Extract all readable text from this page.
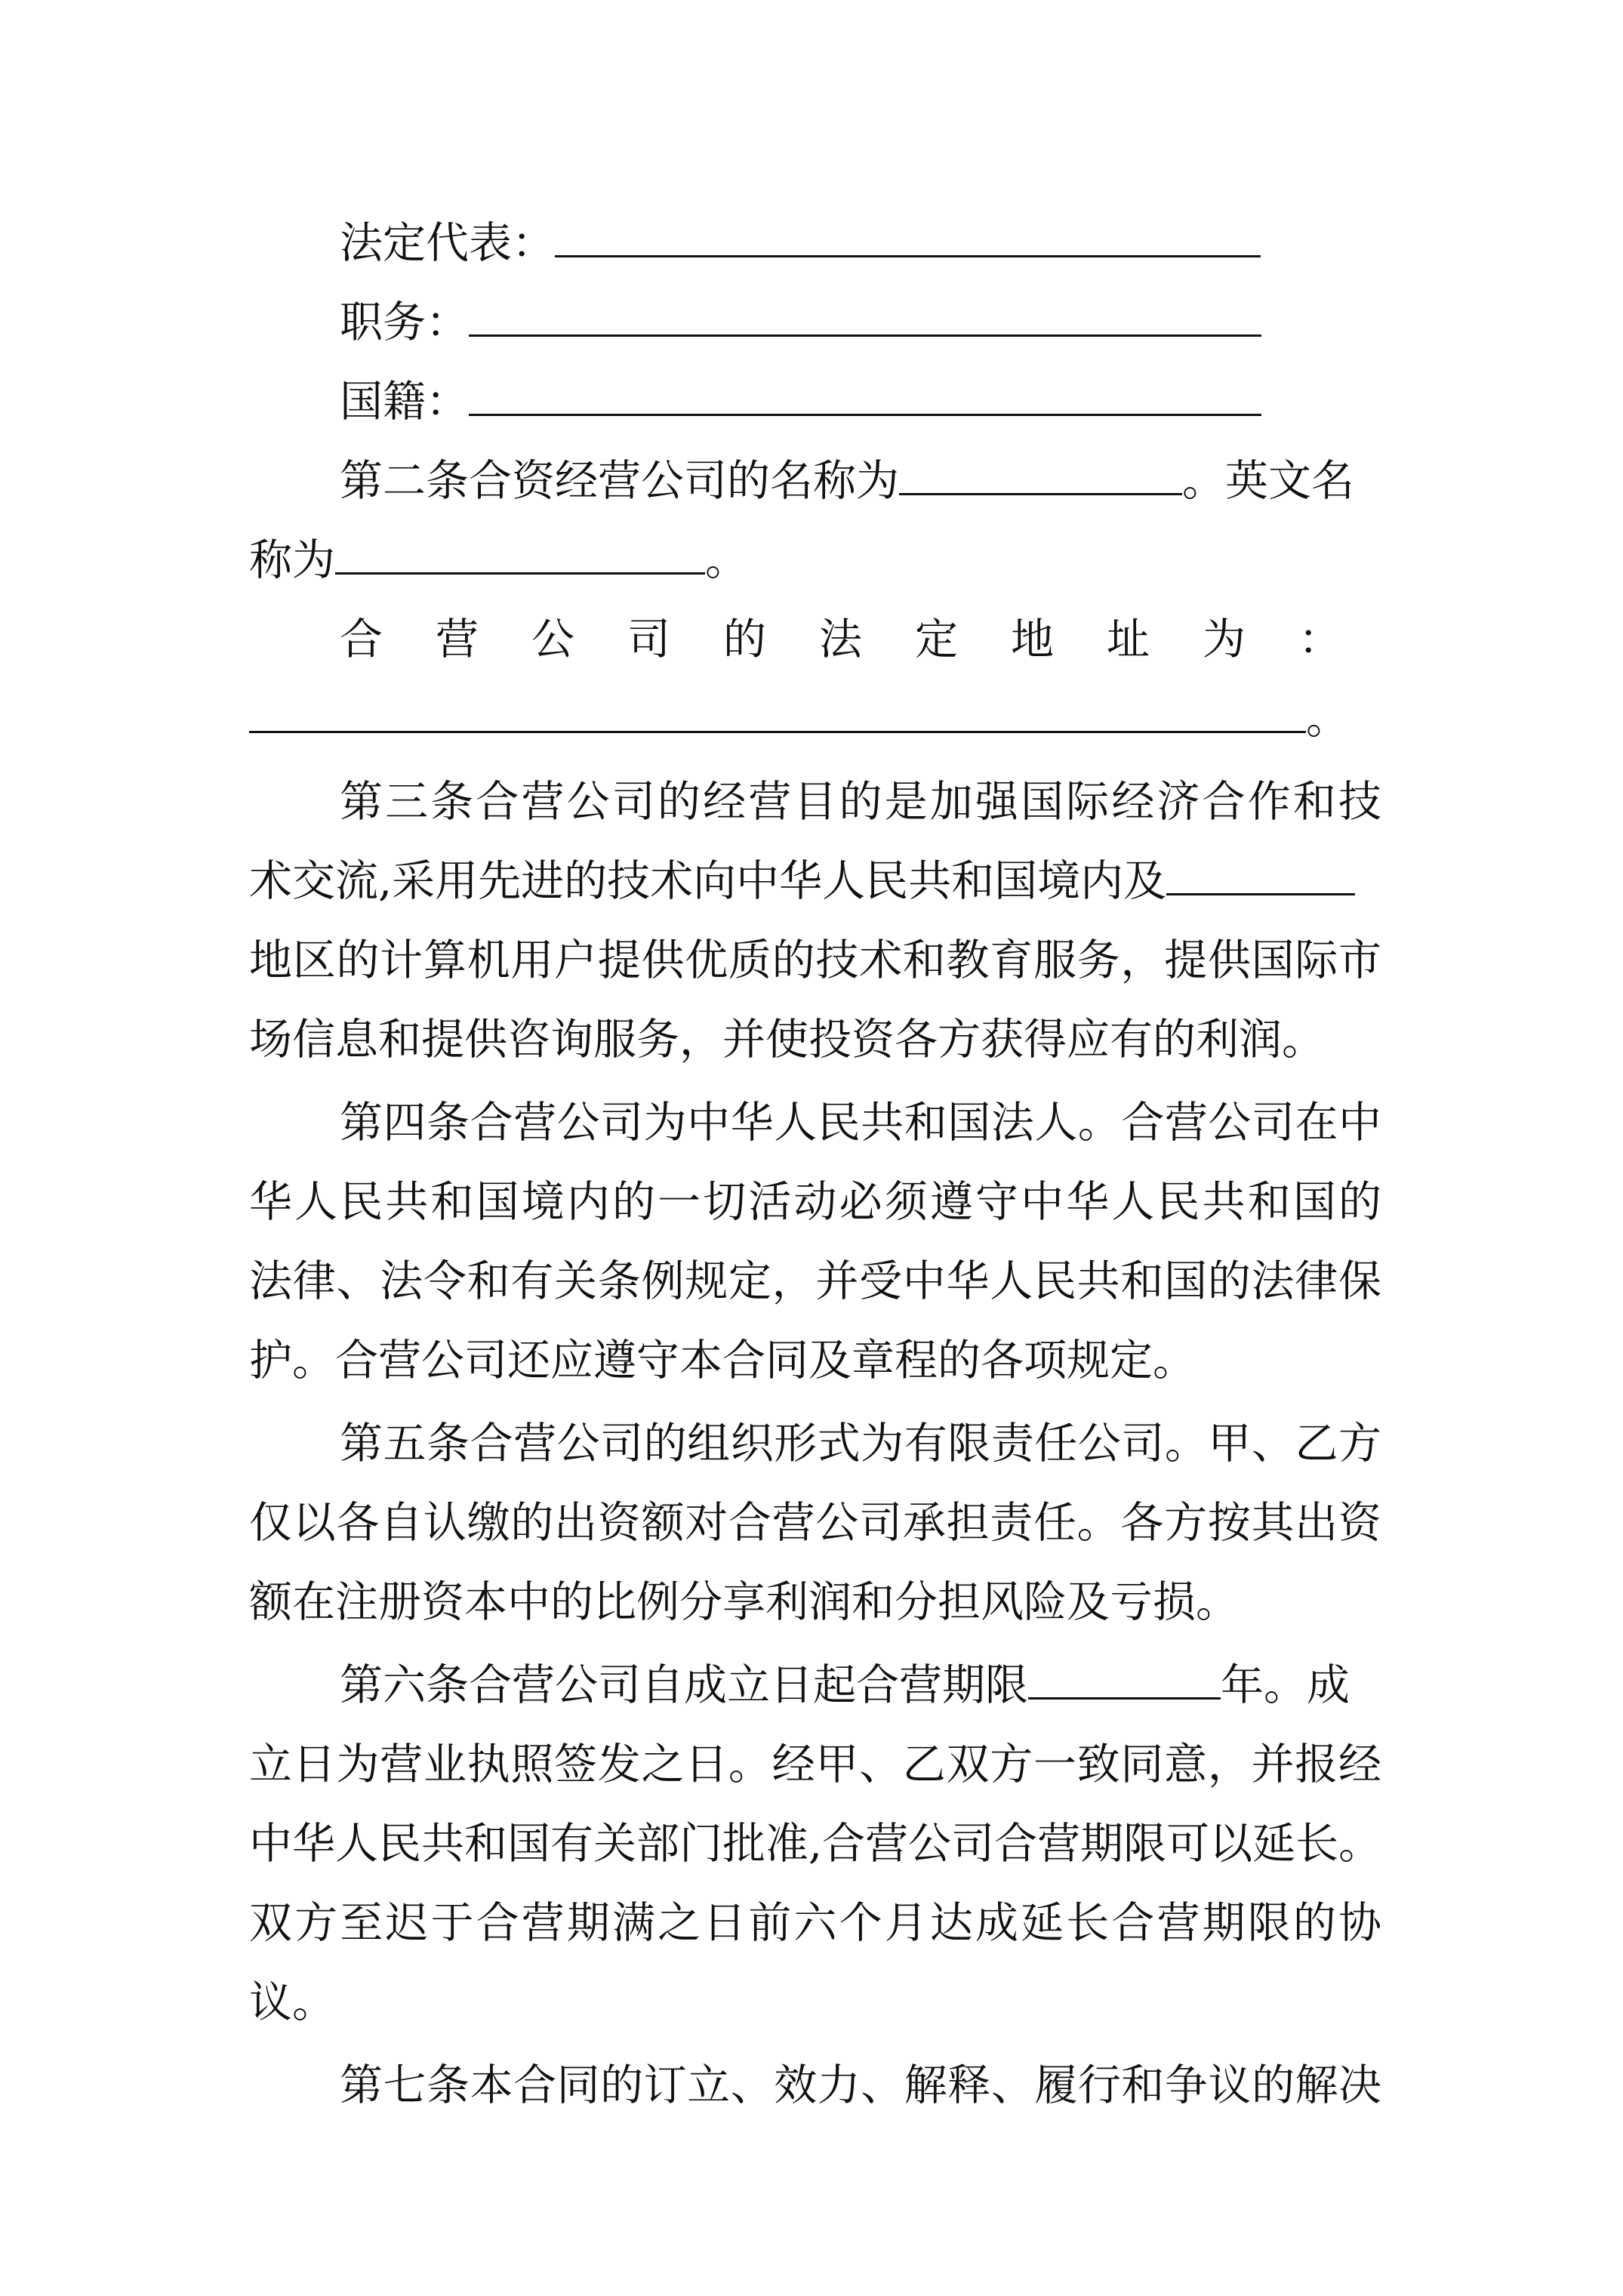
法定代表：
职务：
国籍：
第二条合资经营公司的名称为	。英文名
称为	。
合营公司的法定地址为：
。
第三条合营公司的经营目的是加强国际经济合作和技
术交流,采用先进的技术向中华人民共和国境内及
地区的计算机用户提供优质的技术和教育服务，提供国际市
场信息和提供咨询服务，并使投资各方获得应有的利润。
第四条合营公司为中华人民共和国法人。合营公司在中
华人民共和国境内的一切活动必须遵守中华人民共和国的
法律、法令和有关条例规定，并受中华人民共和国的法律保
护。合营公司还应遵守本合同及章程的各项规定。
第五条合营公司的组织形式为有限责任公司。甲、乙方
仅以各自认缴的出资额对合营公司承担责任。各方按其出资
额在注册资本中的比例分享利润和分担风险及亏损。
第六条合营公司自成立日起合营期限	年。成
立日为营业执照签发之日。经甲、乙双方一致同意，并报经
中华人民共和国有关部门批准,合营公司合营期限可以延长。
双方至迟于合营期满之日前六个月达成延长合营期限的协
议。
第七条本合同的订立、效力、解释、履行和争议的解决
